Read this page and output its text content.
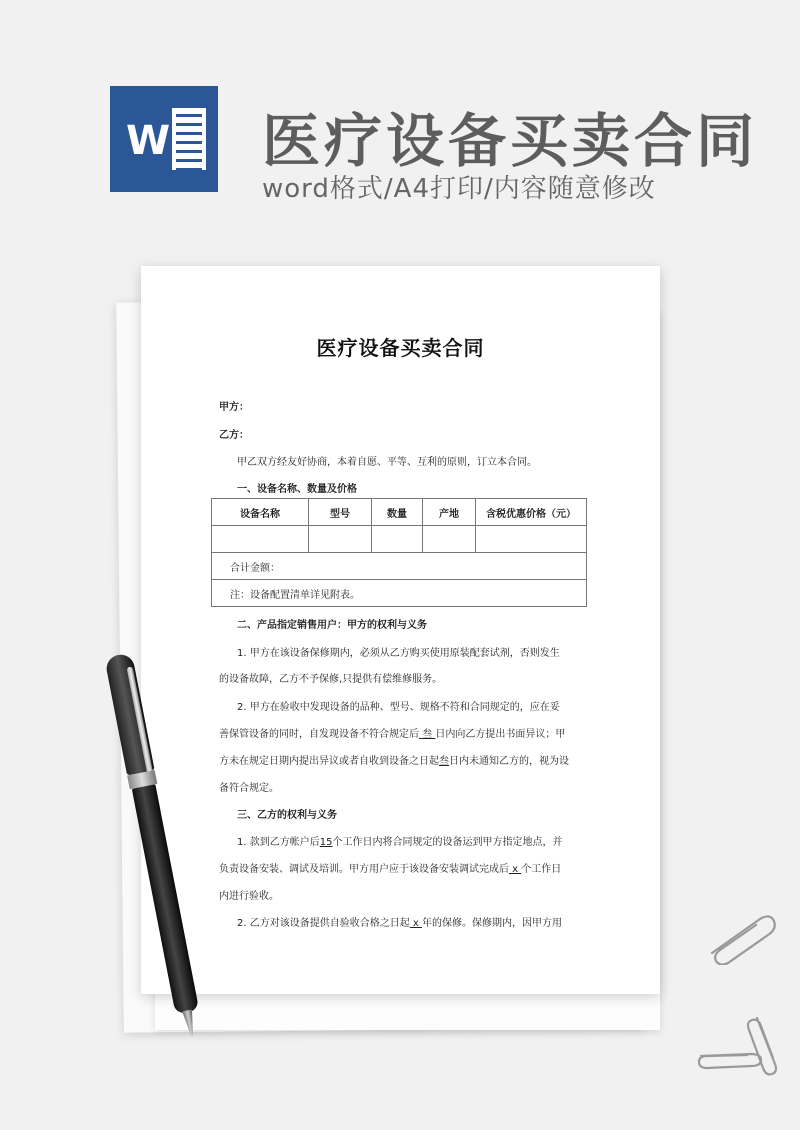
W 医疗设备买卖合同
word格式/A4打印/内容随意修改
医疗设备买卖合同
甲方：
乙方：
甲乙双方经友好协商，本着自愿、平等、互利的原则，订立本合同。
一、设备名称、数量及价格
设备名称	型号	数量	产地	含税优惠价格（元）

合计金额：				
注：设备配置清单详见附表。				
二、产品指定销售用户：甲方的权利与义务
1. 甲方在该设备保修期内，必须从乙方购买使用原装配套试剂，否则发生
的设备故障，乙方不予保修,只提供有偿维修服务。
2. 甲方在验收中发现设备的品种、型号、规格不符和合同规定的，应在妥
善保管设备的同时，自发现设备不符合规定后 叁 日内向乙方提出书面异议；甲
方未在规定日期内提出异议或者自收到设备之日起叁日内未通知乙方的，视为设
备符合规定。
三、乙方的权利与义务
1. 款到乙方帐户后15个工作日内将合同规定的设备运到甲方指定地点，并
负责设备安装、调试及培训。甲方用户应于该设备安装调试完成后 x 个工作日
内进行验收。
2. 乙方对该设备提供自验收合格之日起 x 年的保修。保修期内，因甲方用
